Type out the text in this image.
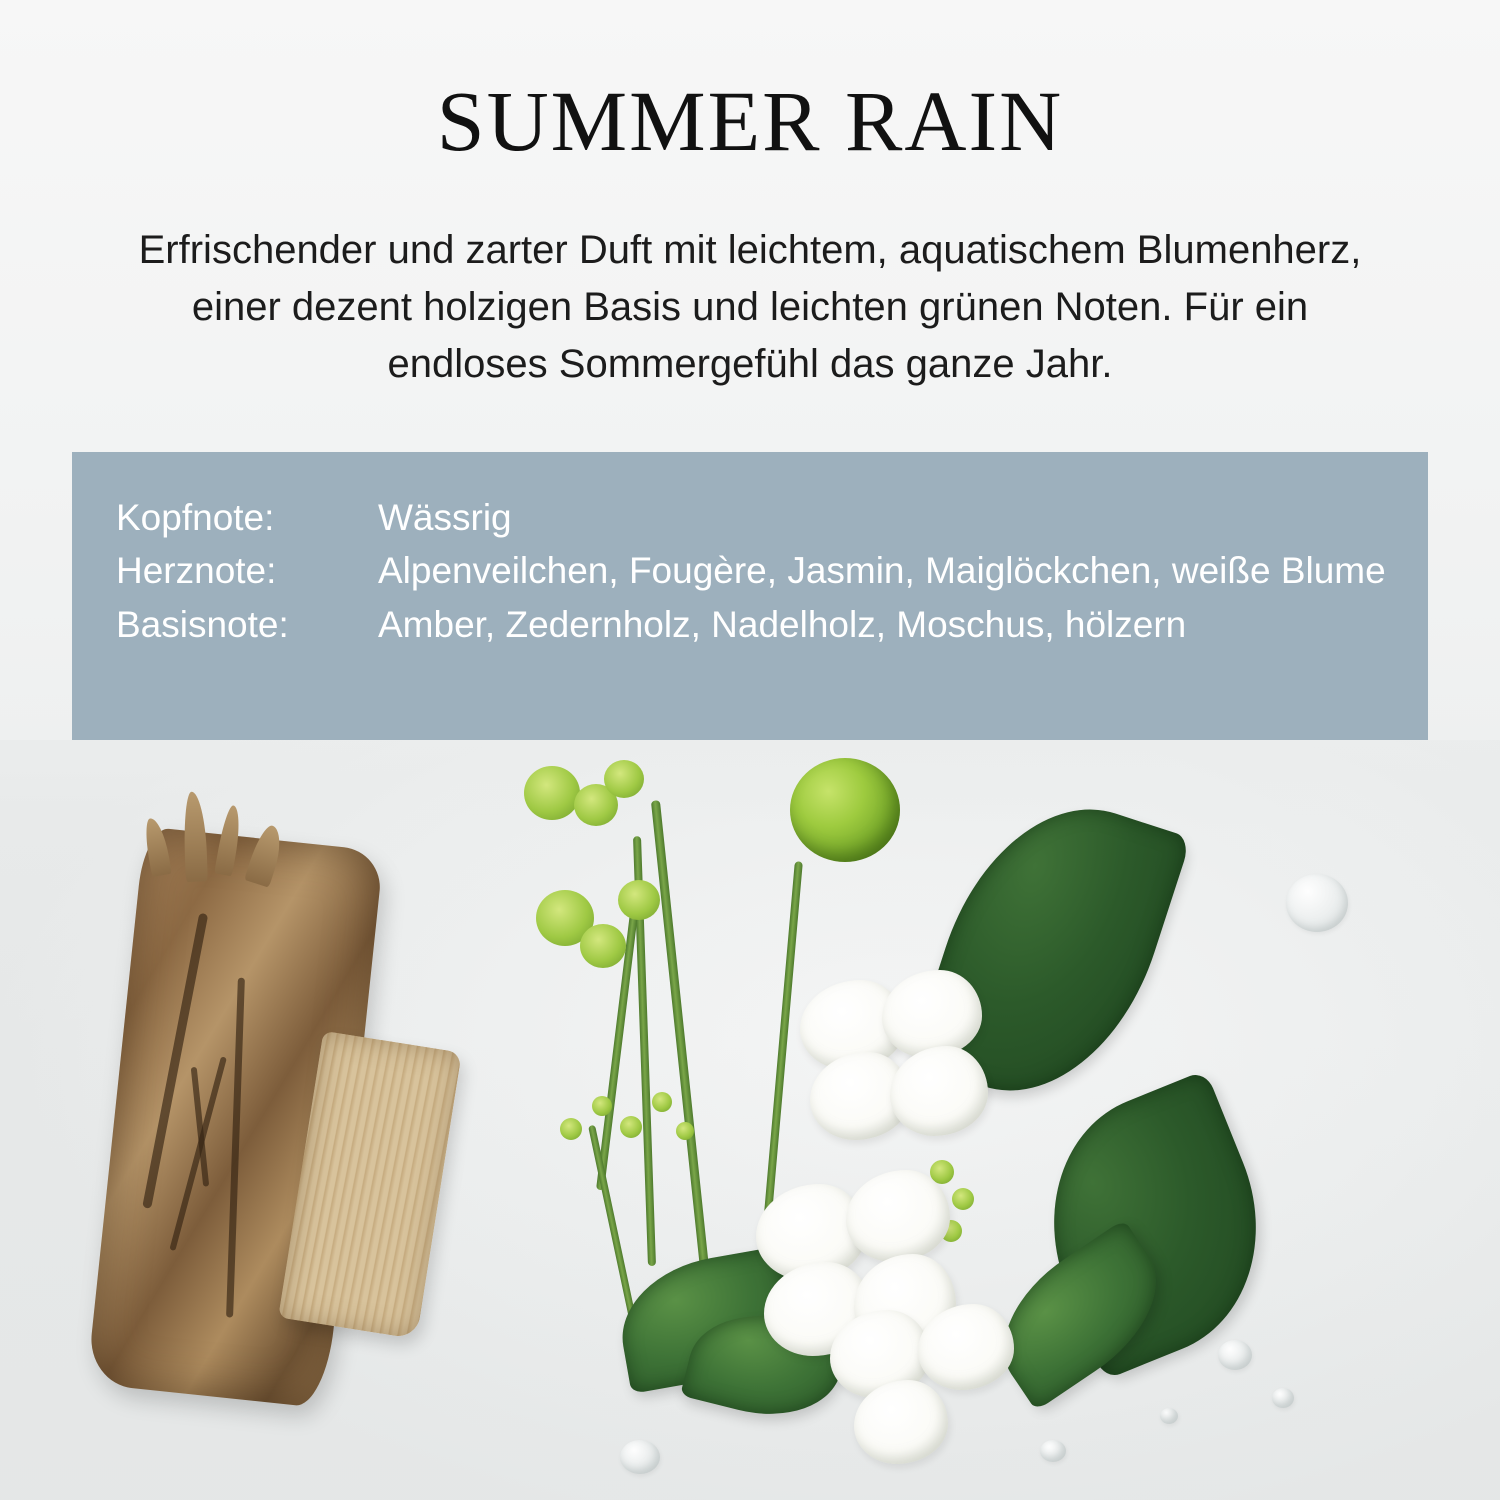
SUMMER RAIN
Erfrischender und zarter Duft mit leichtem, aquatischem Blumenherz, einer dezent holzigen Basis und leichten grünen Noten. Für ein endloses Sommergefühl das ganze Jahr.
Kopfnote:	Wässrig
Herznote:	Alpenveilchen, Fougère, Jasmin, Maiglöckchen, weiße Blume
Basisnote:	Amber, Zedernholz, Nadelholz, Moschus, hölzern
